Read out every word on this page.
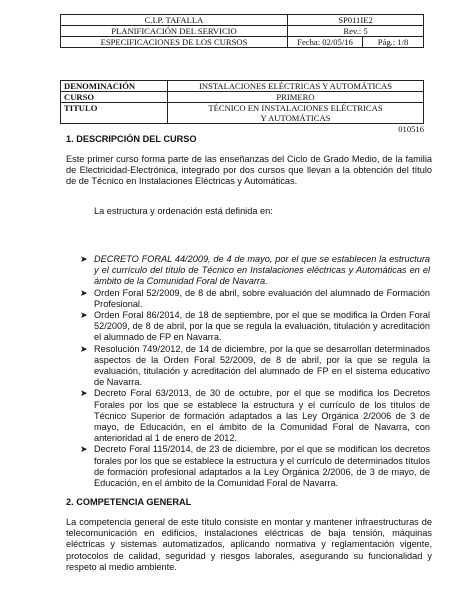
C.I.P. TAFALLA	SP011IE2	
PLANIFICACIÓN DEL SERVICIO	Rev.: 5	
ESPECIFICACIONES DE LOS CURSOS	Fecha: 02/05/16	Pág.: 1/8
DENOMINACIÓN	INSTALACIONES ELÉCTRICAS Y AUTOMÁTICAS
CURSO	PRIMERO
TITULO	TÉCNICO EN INSTALACIONES ELÉCTRICAS Y AUTOMÁTICAS
010516
1. DESCRIPCIÓN DEL CURSO
Este primer curso forma parte de las enseñanzas del Ciclo de Grado Medio, de la familia de Electricidad-Electrónica, integrado por dos cursos que llevan a la obtención del título de de Técnico en Instalaciones Eléctricas y Automáticas.
La estructura y ordenación está definida en:
➤ DECRETO FORAL 44/2009, de 4 de mayo, por el que se establecen la estructura y el currículo del título de Técnico en Instalaciones eléctricas y Automáticas en el ámbito de la Comunidad Foral de Navarra.
➤ Orden Foral 52/2009, de 8 de abril, sobre evaluación del alumnado de Formación Profesional.
➤ Orden Foral 86/2014, de 18 de septiembre, por el que se modifica la Orden Foral 52/2009, de 8 de abril, por la que se regula la evaluación, titulación y acreditación el alumnado de FP en Navarra.
➤ Resolución 749/2012, de 14 de diciembre, por la que se desarrollan determinados aspectos de la Orden Foral 52/2009, de 8 de abril, por la que se regula la evaluación, titulación y acreditación del alumnado de FP en el sistema educativo de Navarra.
➤ Decreto Foral 63/2013, de 30 de octubre, por el que se modifica los Decretos Forales por los que se establece la estructura y el currículo de los títulos de Técnico Superior de formación adaptados a las Ley Orgánica 2/2006 de 3 de mayo, de Educación, en el ámbito de la Comunidad Foral de Navarra, con anterioridad al 1 de enero de 2012.
➤ Decreto Foral 115/2014, de 23 de diciembre, por el que se modifican los decretos forales por los que se establece la estructura y el currículo de determinados títulos de formación profesional adaptados a la Ley Orgánica 2/2006, de 3 de mayo, de Educación, en el ámbito de la Comunidad Foral de Navarra.
2. COMPETENCIA GENERAL
La competencia general de este título consiste en montar y mantener infraestructuras de telecomunicación en edificios, instalaciones eléctricas de baja tensión, máquinas eléctricas y sistemas automatizados, aplicando normativa y reglamentación vigente, protocolos de calidad, seguridad y riesgos laborales, asegurando su funcionalidad y respeto al medio ambiente.
